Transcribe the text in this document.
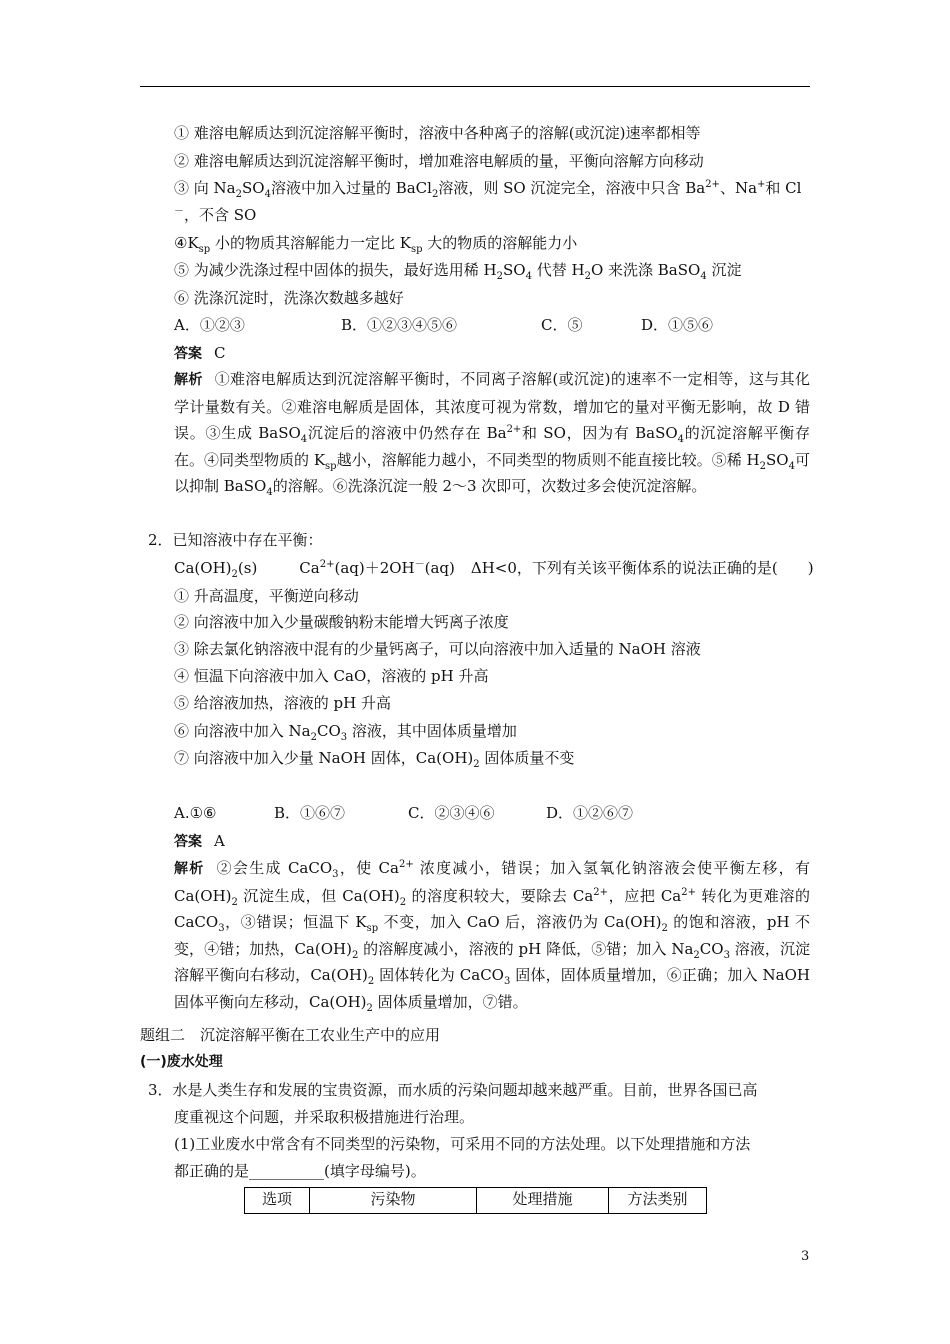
① 难溶电解质达到沉淀溶解平衡时，溶液中各种离子的溶解(或沉淀)速率都相等
② 难溶电解质达到沉淀溶解平衡时，增加难溶电解质的量，平衡向溶解方向移动
③ 向 $Na_2SO_4$溶液中加入过量的 BaCl$_2$溶液，则 SO 沉淀完全，溶液中只含 $Ba^{2+}$、Na+和 Cl
－，不含 SO
$④K_{sp}$ 小的物质其溶解能力一定比 $K_{sp}$ 大的物质的溶解能力小
⑤ 为减少洗涤过程中固体的损失，最好选用稀 $H_2SO_4$ 代替 $H_2O$ 来洗涤 BaSO$_4$ 沉淀
⑥ 洗涤沉淀时，洗涤次数越多越好
A．①②③	B．①②③④⑤⑥	C．⑤	D．①⑤⑥
答案 C
解析 ①难溶电解质达到沉淀溶解平衡时，不同离子溶解(或沉淀)的速率不一定相等，这与其化学计量数有关。②难溶电解质是固体，其浓度可视为常数，增加它的量对平衡无影响，故 D 错误。③生成 BaSO$_4$沉淀后的溶液中仍然存在 $Ba^{2+}$和 SO，因为有 BaSO$_4$的沉淀溶解平衡存在。④同类型物质的 $K_{sp}$越小，溶解能力越小，不同类型的物质则不能直接比较。⑤稀 $H_2SO_4$可以抑制 BaSO$_4$的溶解。⑥洗涤沉淀一般 2～3 次即可，次数过多会使沉淀溶解。
2．已知溶液中存在平衡：
$Ca(OH)_2(s)$	$Ca^{2+}(aq)+2OH^-(aq)$ ΔH<0，下列有关该平衡体系的说法正确的是(　　)
① 升高温度，平衡逆向移动
② 向溶液中加入少量碳酸钠粉末能增大钙离子浓度
③ 除去氯化钠溶液中混有的少量钙离子，可以向溶液中加入适量的 NaOH 溶液
④ 恒温下向溶液中加入 CaO，溶液的 pH 升高
⑤ 给溶液加热，溶液的 pH 升高
⑥ 向溶液中加入 $Na_2CO_3$ 溶液，其中固体质量增加
⑦ 向溶液中加入少量 NaOH 固体，$Ca(OH)_2$ 固体质量不变
A.①⑥	B．①⑥⑦	C．②③④⑥	D．①②⑥⑦
答案 A
解析 ②会生成 CaCO$_3$，使 $Ca^{2+}$ 浓度减小，错误；加入氢氧化钠溶液会使平衡左移，有 $Ca(OH)_2$ 沉淀生成，但 $Ca(OH)_2$ 的溶度积较大，要除去 $Ca^{2+}$，应把 $Ca^{2+}$ 转化为更难溶的 CaCO$_3$，③错误；恒温下 $K_{sp}$ 不变，加入 CaO 后，溶液仍为 $Ca(OH)_2$ 的饱和溶液，pH 不变，④错；加热，$Ca(OH)_2$ 的溶解度减小，溶液的 pH 降低，⑤错；加入 $Na_2CO_3$ 溶液，沉淀溶解平衡向右移动，$Ca(OH)_2$ 固体转化为 CaCO$_3$ 固体，固体质量增加，⑥正确；加入 NaOH 固体平衡向左移动，$Ca(OH)_2$ 固体质量增加，⑦错。
题组二　沉淀溶解平衡在工农业生产中的应用
(一)废水处理
3．水是人类生存和发展的宝贵资源，而水质的污染问题却越来越严重。目前，世界各国已高
度重视这个问题，并采取积极措施进行治理。
(1)工业废水中常含有不同类型的污染物，可采用不同的方法处理。以下处理措施和方法
都正确的是__________(填字母编号)。
选项	污染物	处理措施	方法类别
3
